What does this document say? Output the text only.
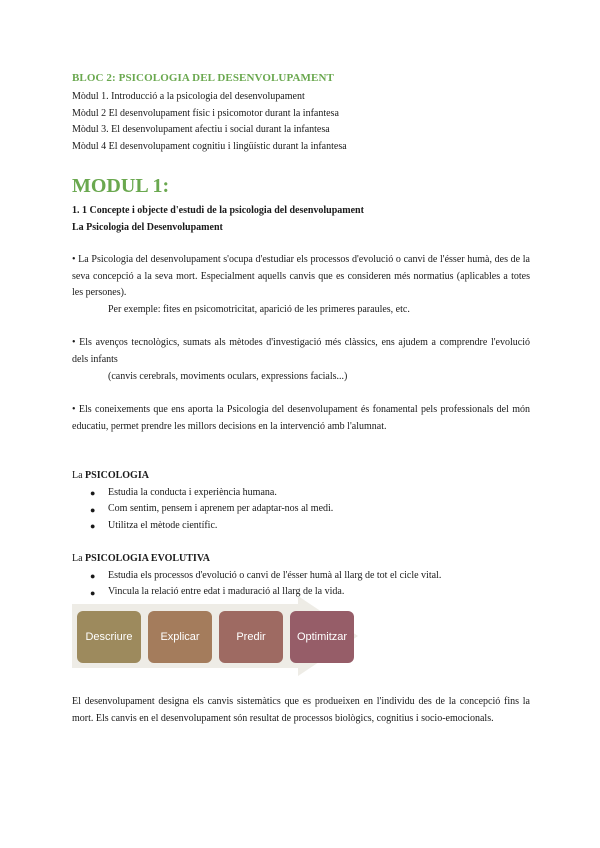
BLOC 2: PSICOLOGIA DEL DESENVOLUPAMENT

Mòdul 1. Introducció a la psicologia del desenvolupament

Mòdul 2 El desenvolupament físic i psicomotor durant la infantesa

Mòdul 3. El desenvolupament afectiu i social durant la infantesa

Mòdul 4 El desenvolupament cognitiu i lingüístic durant la infantesa

MODUL 1:

1. 1 Concepte i objecte d'estudi de la psicologia del desenvolupament

La Psicologia del Desenvolupament

• La Psicologia del desenvolupament s'ocupa d'estudiar els processos d'evolució o canvi de l'ésser humà, des de la seva concepció a la seva mort. Especialment aquells canvis que es consideren més normatius (aplicables a totes les persones).

Per exemple: fites en psicomotricitat, aparició de les primeres paraules, etc.

• Els avenços tecnològics, sumats als mètodes d'investigació més clàssics, ens ajudem a comprendre l'evolució dels infants

(canvis cerebrals, moviments oculars, expressions facials...)

• Els coneixements que ens aporta la Psicologia del desenvolupament és fonamental pels professionals del món educatiu, permet prendre les millors decisions en la intervenció amb l'alumnat.

La PSICOLOGIA

● Estudia la conducta i experiència humana.

● Com sentim, pensem i aprenem per adaptar-nos al medi.

● Utilitza el mètode científic.

La PSICOLOGIA EVOLUTIVA

● Estudia els processos d'evolució o canvi de l'ésser humà al llarg de tot el cicle vital.

● Vincula la relació entre edat i maduració al llarg de la vida.

Descriure	Explicar	Predir	Optimitzar

El desenvolupament designa els canvis sistemàtics que es produeixen en l'individu des de la concepció fins la mort. Els canvis en el desenvolupament són resultat de processos biològics, cognitius i socio-emocionals.
